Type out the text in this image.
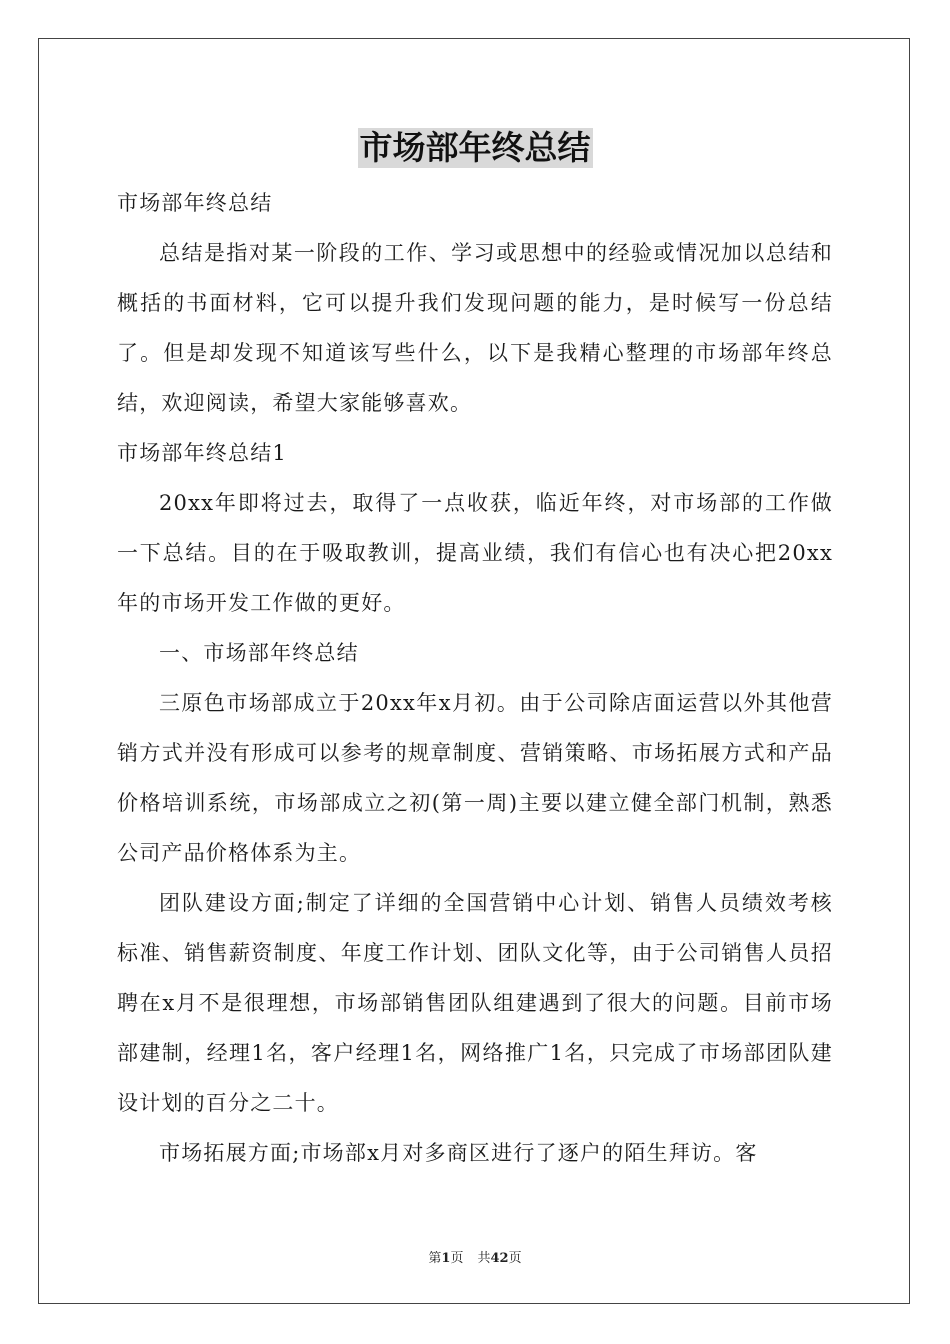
市场部年终总结

市场部年终总结

总结是指对某一阶段的工作、学习或思想中的经验或情况加以总结和概括的书面材料，它可以提升我们发现问题的能力，是时候写一份总结了。但是却发现不知道该写些什么，以下是我精心整理的市场部年终总结，欢迎阅读，希望大家能够喜欢。

市场部年终总结1

20xx年即将过去，取得了一点收获，临近年终，对市场部的工作做一下总结。目的在于吸取教训，提高业绩，我们有信心也有决心把20xx年的市场开发工作做的更好。

一、市场部年终总结

三原色市场部成立于20xx年x月初。由于公司除店面运营以外其他营销方式并没有形成可以参考的规章制度、营销策略、市场拓展方式和产品价格培训系统，市场部成立之初(第一周)主要以建立健全部门机制，熟悉公司产品价格体系为主。

团队建设方面;制定了详细的全国营销中心计划、销售人员绩效考核标准、销售薪资制度、年度工作计划、团队文化等，由于公司销售人员招聘在x月不是很理想，市场部销售团队组建遇到了很大的问题。目前市场部建制，经理1名，客户经理1名，网络推广1名，只完成了市场部团队建设计划的百分之二十。

市场拓展方面;市场部x月对多商区进行了逐户的陌生拜访。客

第1页 共42页
